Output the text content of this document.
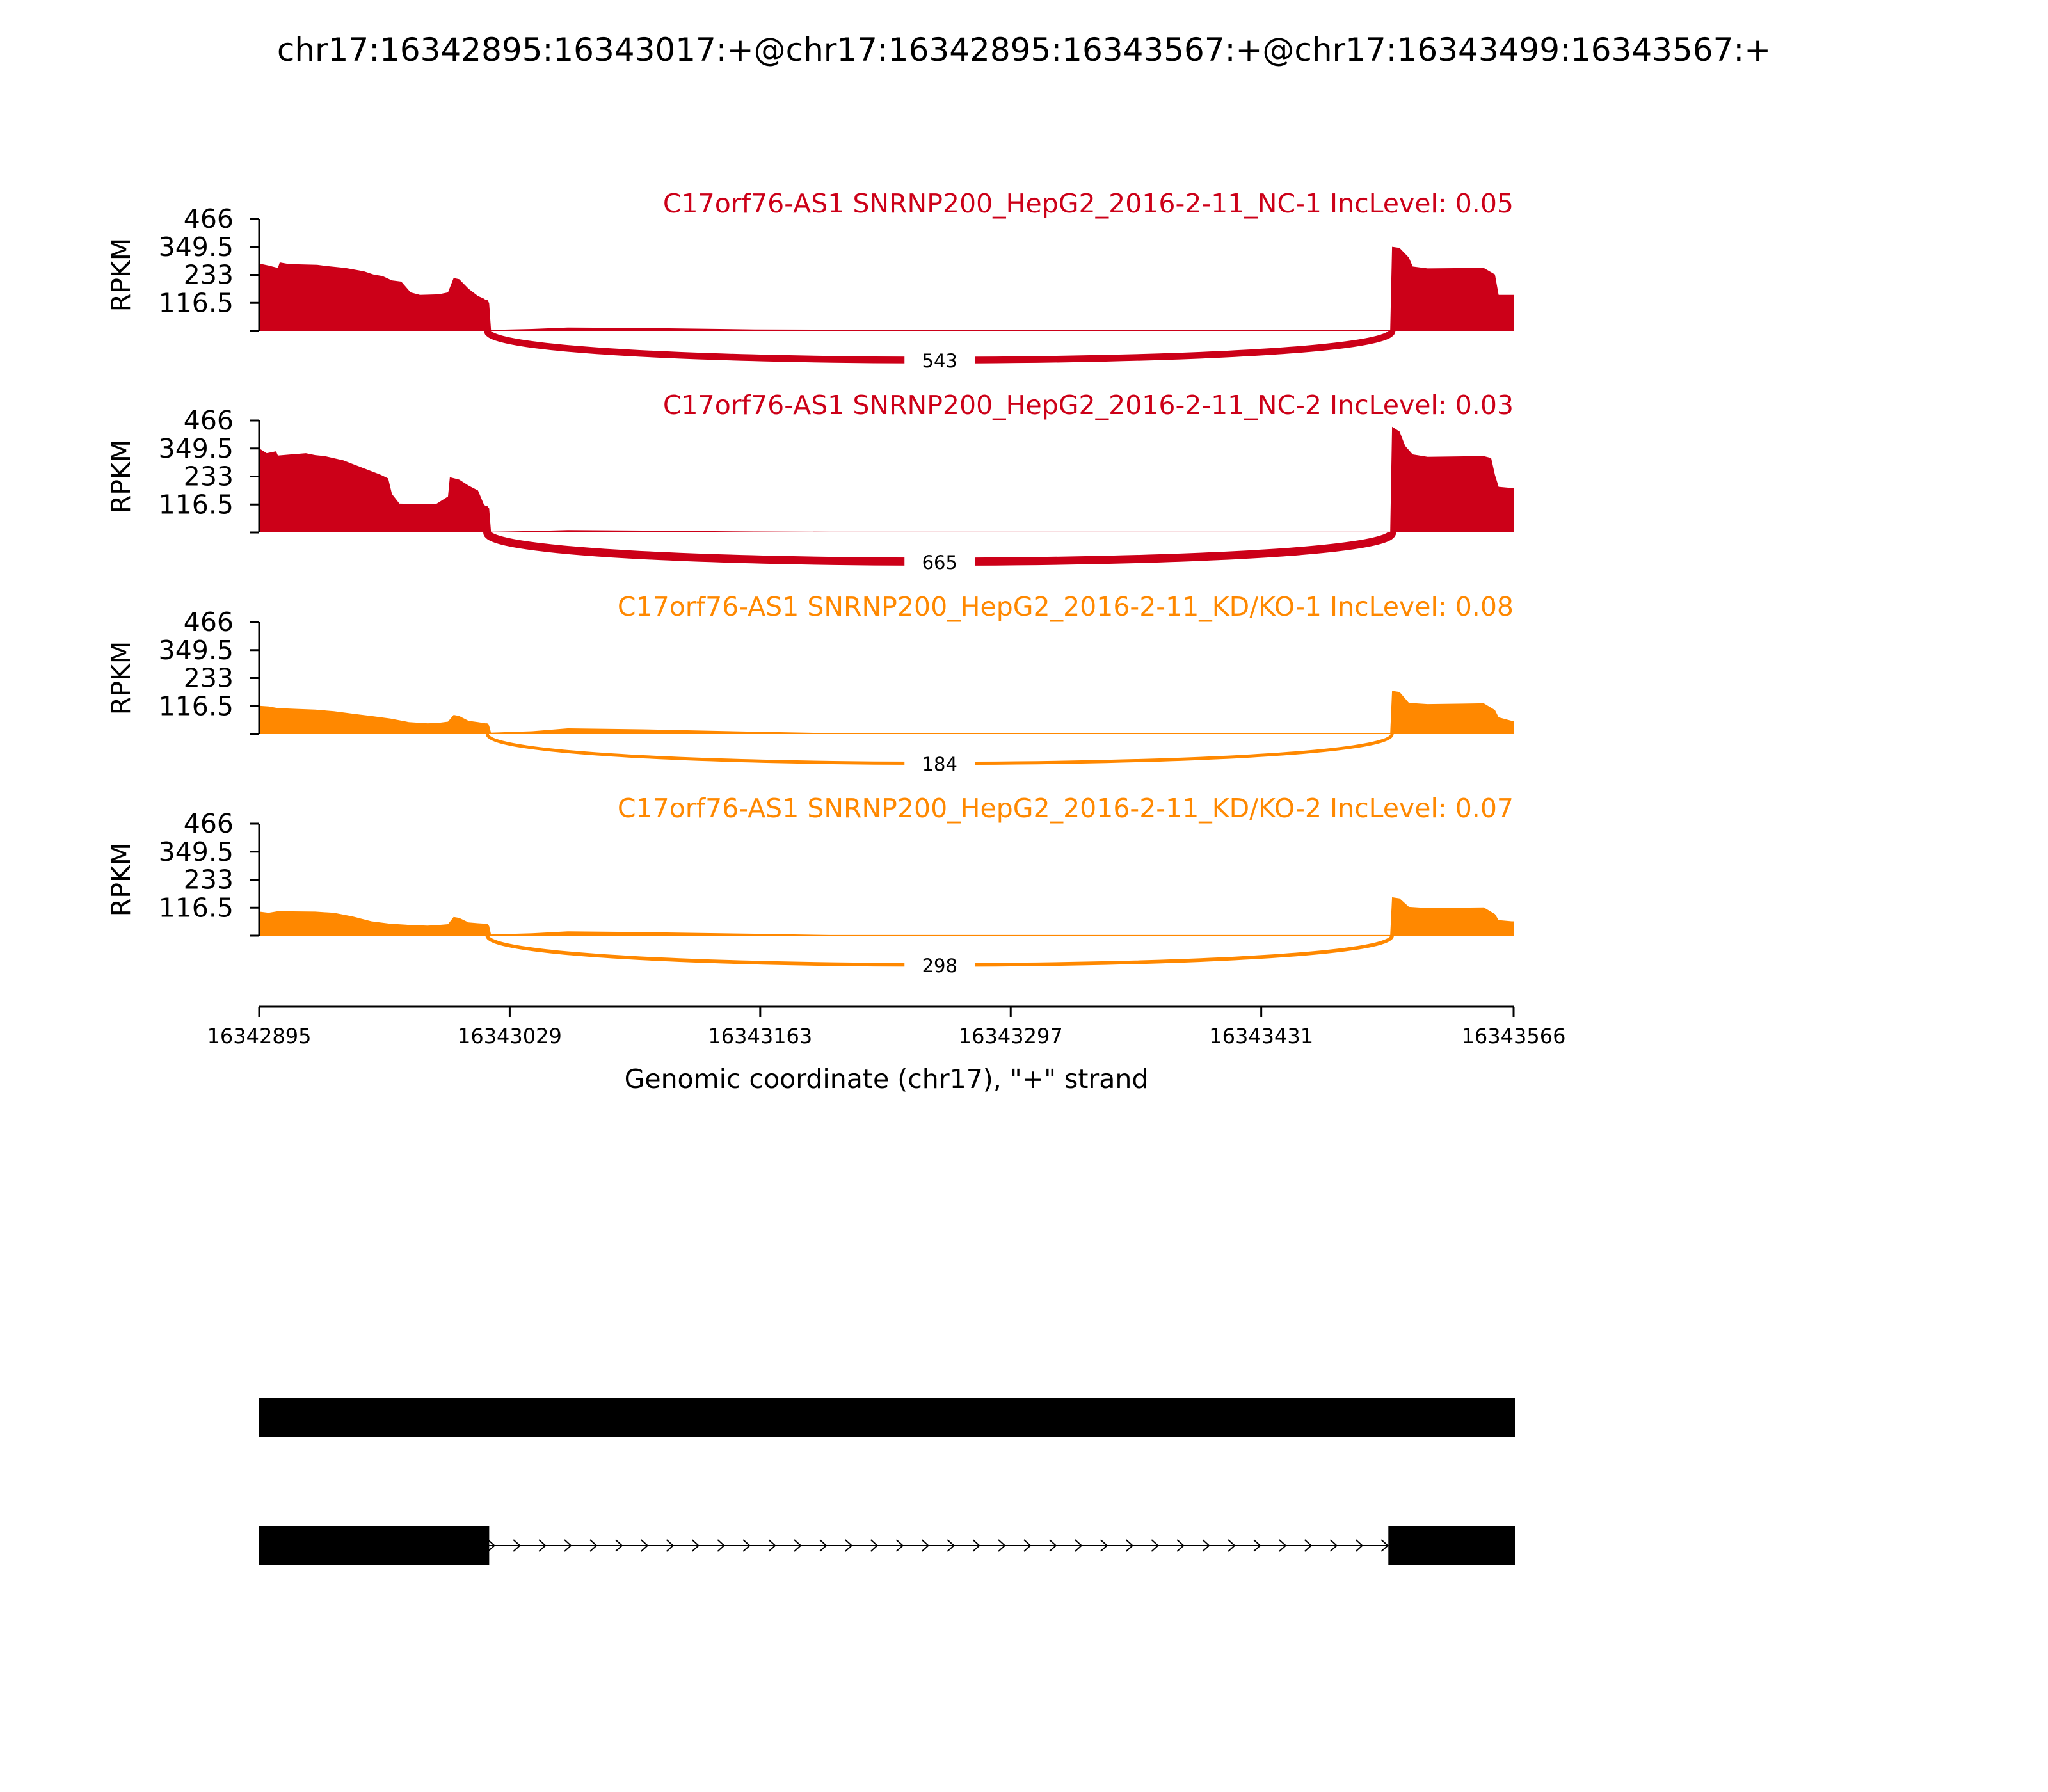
chr17:16342895:16343017:+@chr17:16342895:16343567:+@chr17:16343499:16343567:+
543
116.5
233
349.5
466
RPKM
C17orf76-AS1 SNRNP200_HepG2_2016-2-11_NC-1 IncLevel: 0.05
665
116.5
233
349.5
466
RPKM
C17orf76-AS1 SNRNP200_HepG2_2016-2-11_NC-2 IncLevel: 0.03
184
116.5
233
349.5
466
RPKM
C17orf76-AS1 SNRNP200_HepG2_2016-2-11_KD/KO-1 IncLevel: 0.08
298
116.5
233
349.5
466
RPKM
C17orf76-AS1 SNRNP200_HepG2_2016-2-11_KD/KO-2 IncLevel: 0.07
16342895	16343029	16343163	16343297	16343431	16343566
Genomic coordinate (chr17), "+" strand
